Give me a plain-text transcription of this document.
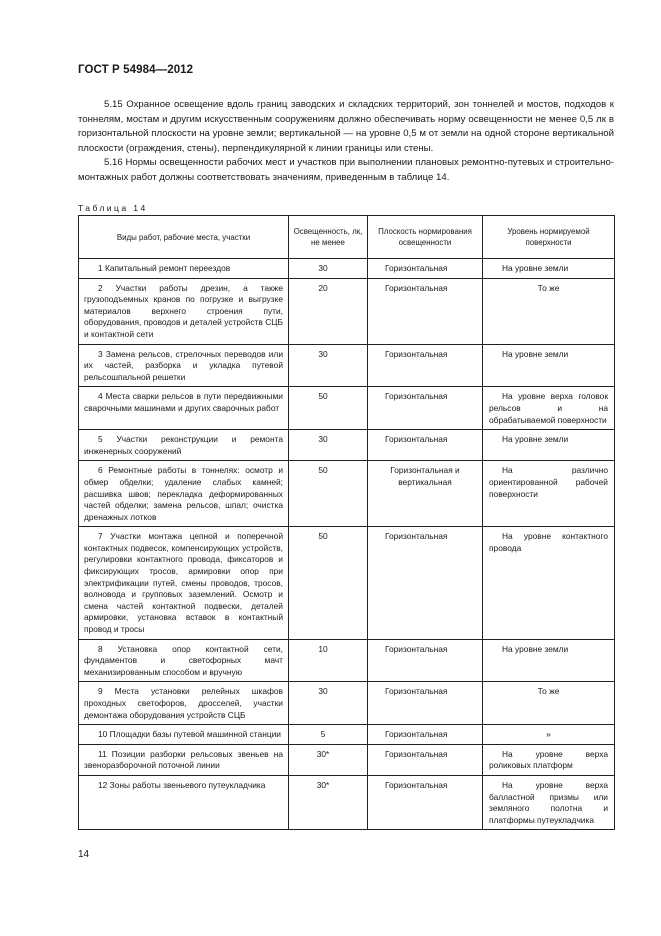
ГОСТ Р 54984—2012

5.15 Охранное освещение вдоль границ заводских и складских территорий, зон тоннелей и мостов, подходов к тоннелям, мостам и другим искусственным сооружениям должно обеспечивать норму освещенности не менее 0,5 лк в горизонтальной плоскости на уровне земли; вертикальной — на уровне 0,5 м от земли на одной стороне вертикальной плоскости (ограждения, стены), перпендикулярной к линии границы или стены.

5.16 Нормы освещенности рабочих мест и участков при выполнении плановых ремонтно-путевых и строительно-монтажных работ должны соответствовать значениям, приведенным в таблице 14.

Таблица 14
Виды работ, рабочие места, участки	Освещенность, лк, не менее	Плоскость нормирования освещенности	Уровень нормируемой поверхности

1 Капитальный ремонт переездов	30	Горизонтальная	На уровне земли

2 Участки работы дрезин, а также грузоподъемных кранов по погрузке и выгрузке материалов верхнего строения пути, оборудования, проводов и деталей устройств СЦБ и контактной сети	20	Горизонтальная	То же

3 Замена рельсов, стрелочных переводов или их частей, разборка и укладка путевой рельсошпальной решетки	30	Горизонтальная	На уровне земли

4 Места сварки рельсов в пути передвижными сварочными машинами и других сварочных работ	50	Горизонтальная	На уровне верха головок рельсов и на обрабатываемой поверхности

5 Участки реконструкции и ремонта инженерных сооружений	30	Горизонтальная	На уровне земли

6 Ремонтные работы в тоннелях: осмотр и обмер обделки; удаление слабых камней; расшивка швов; перекладка деформированных частей обделки; замена рельсов, шпал; очистка дренажных лотков	50	Горизонтальная и вертикальная	На различно ориентированной рабочей поверхности

7 Участки монтажа цепной и поперечной контактных подвесок, компенсирующих устройств, регулировки контактного провода, фиксаторов и фиксирующих тросов, армировки опор при электрификации путей, смены проводов, тросов, волновода и групповых заземлений. Осмотр и смена частей контактной подвески, деталей армировки, установка вставок в контактный провод и тросы	50	Горизонтальная	На уровне контактного провода

8 Установка опор контактной сети, фундаментов и светофорных мачт механизированным способом и вручную	10	Горизонтальная	На уровне земли

9 Места установки релейных шкафов проходных светофоров, дросселей, участки демонтажа оборудования устройств СЦБ	30	Горизонтальная	То же

10 Площадки базы путевой машинной станции	5	Горизонтальная	»

11 Позиции разборки рельсовых звеньев на звеноразборочной поточной линии	30*	Горизонтальная	На уровне верха роликовых платформ

12 Зоны работы звеньевого путеукладчика	30*	Горизонтальная	На уровне верха балластной призмы или земляного полотна и платформы путеукладчика
14
